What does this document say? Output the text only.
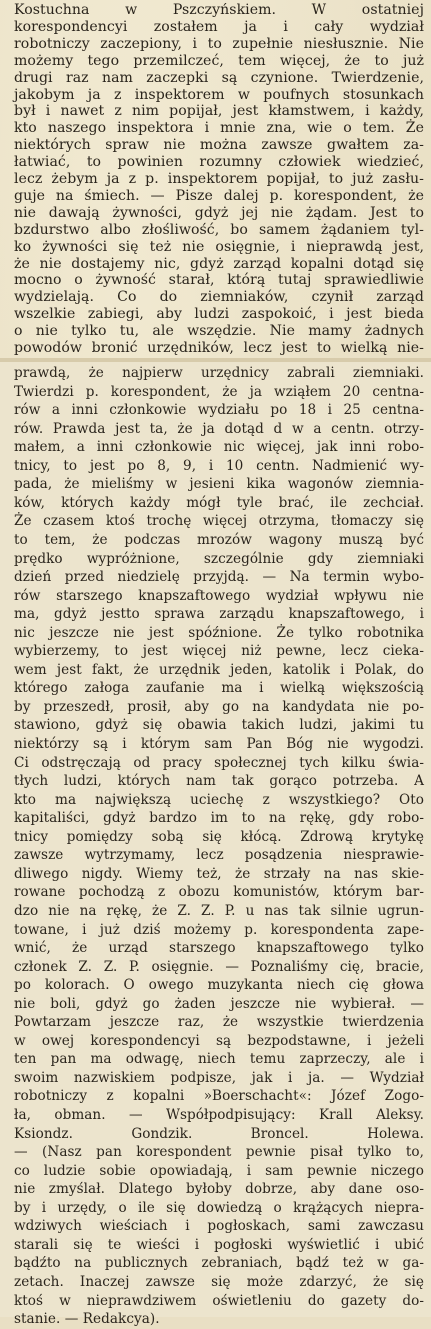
Kostuchna w Pszczyńskiem. W ostatniej
korespondencyi zostałem ja i cały wydział
robotniczy zaczepiony, i to zupełnie niesłusznie. Nie
możemy tego przemilczeć, tem więcej, że to już
drugi raz nam zaczepki są czynione. Twierdzenie,
jakobym ja z inspektorem w poufnych stosunkach
był i nawet z nim popijał, jest kłamstwem, i każdy,
kto naszego inspektora i mnie zna, wie o tem. Że
niektórych spraw nie można zawsze gwałtem za-
łatwiać, to powinien rozumny człowiek wiedzieć,
lecz żebym ja z p. inspektorem popijał, to już zasłu-
guje na śmiech. — Pisze dalej p. korespondent, że
nie dawają żywności, gdyż jej nie żądam. Jest to
bzdurstwo albo złośliwość, bo samem żądaniem tyl-
ko żywności się też nie osięgnie, i nieprawdą jest,
że nie dostajemy nic, gdyż zarząd kopalni dotąd się
mocno o żywność starał, którą tutaj sprawiedliwie
wydzielają. Co do ziemniaków, czynił zarząd
wszelkie zabiegi, aby ludzi zaspokoić, i jest bieda
o nie tylko tu, ale wszędzie. Nie mamy żadnych
powodów bronić urzędników, lecz jest to wielką nie-
prawdą, że najpierw urzędnicy zabrali ziemniaki.
Twierdzi p. korespondent, że ja wziąłem 20 centna-
rów a inni członkowie wydziału po 18 i 25 centna-
rów. Prawda jest ta, że ja dotąd d w a centn. otrzy-
małem, a inni członkowie nic więcej, jak inni robo-
tnicy, to jest po 8, 9, i 10 centn. Nadmienić wy-
pada, że mieliśmy w jesieni kika wagonów ziemnia-
ków, których każdy mógł tyle brać, ile zechciał.
Że czasem ktoś trochę więcej otrzyma, tłomaczy się
to tem, że podczas mrozów wagony muszą być
prędko wypróżnione, szczególnie gdy ziemniaki
dzień przed niedzielę przyjdą. — Na termin wybo-
rów starszego knapszaftowego wydział wpływu nie
ma, gdyż jestto sprawa zarządu knapszaftowego, i
nic jeszcze nie jest spóźnione. Że tylko robotnika
wybierzemy, to jest więcej niż pewne, lecz cieka-
wem jest fakt, że urzędnik jeden, katolik i Polak, do
którego załoga zaufanie ma i wielką większością
by przeszedł, prosił, aby go na kandydata nie po-
stawiono, gdyż się obawia takich ludzi, jakimi tu
niektórzy są i którym sam Pan Bóg nie wygodzi.
Ci odstręczają od pracy społecznej tych kilku świa-
tłych ludzi, których nam tak gorąco potrzeba. A
kto ma największą uciechę z wszystkiego? Oto
kapitaliści, gdyż bardzo im to na rękę, gdy robo-
tnicy pomiędzy sobą się kłócą. Zdrową krytykę
zawsze wytrzymamy, lecz posądzenia niesprawie-
dliwego nigdy. Wiemy też, że strzały na nas skie-
rowane pochodzą z obozu komunistów, którym bar-
dzo nie na rękę, że Z. Z. P. u nas tak silnie ugrun-
towane, i już dziś możemy p. korespondenta zape-
wnić, że urząd starszego knapszaftowego tylko
członek Z. Z. P. osięgnie. — Poznaliśmy cię, bracie,
po kolorach. O owego muzykanta niech cię głowa
nie boli, gdyż go żaden jeszcze nie wybierał. —
Powtarzam jeszcze raz, że wszystkie twierdzenia
w owej korespondencyi są bezpodstawne, i jeżeli
ten pan ma odwagę, niech temu zaprzeczy, ale i
swoim nazwiskiem podpisze, jak i ja. — Wydział
robotniczy z kopalni »Boerschacht«: Józef Zogo-
ła, obman. — Współpodpisujący: Krall Aleksy.
Ksiondz. Gondzik. Broncel. Holewa.
— (Nasz pan korespondent pewnie pisał tylko to,
co ludzie sobie opowiadają, i sam pewnie niczego
nie zmyślał. Dlatego byłoby dobrze, aby dane oso-
by i urzędy, o ile się dowiedzą o krążących niepra-
wdziwych wieściach i pogłoskach, sami zawczasu
starali się te wieści i pogłoski wyświetlić i ubić
bądźto na publicznych zebraniach, bądź też w ga-
zetach. Inaczej zawsze się może zdarzyć, że się
ktoś w nieprawdziwem oświetleniu do gazety do-
stanie. — Redakcya).
